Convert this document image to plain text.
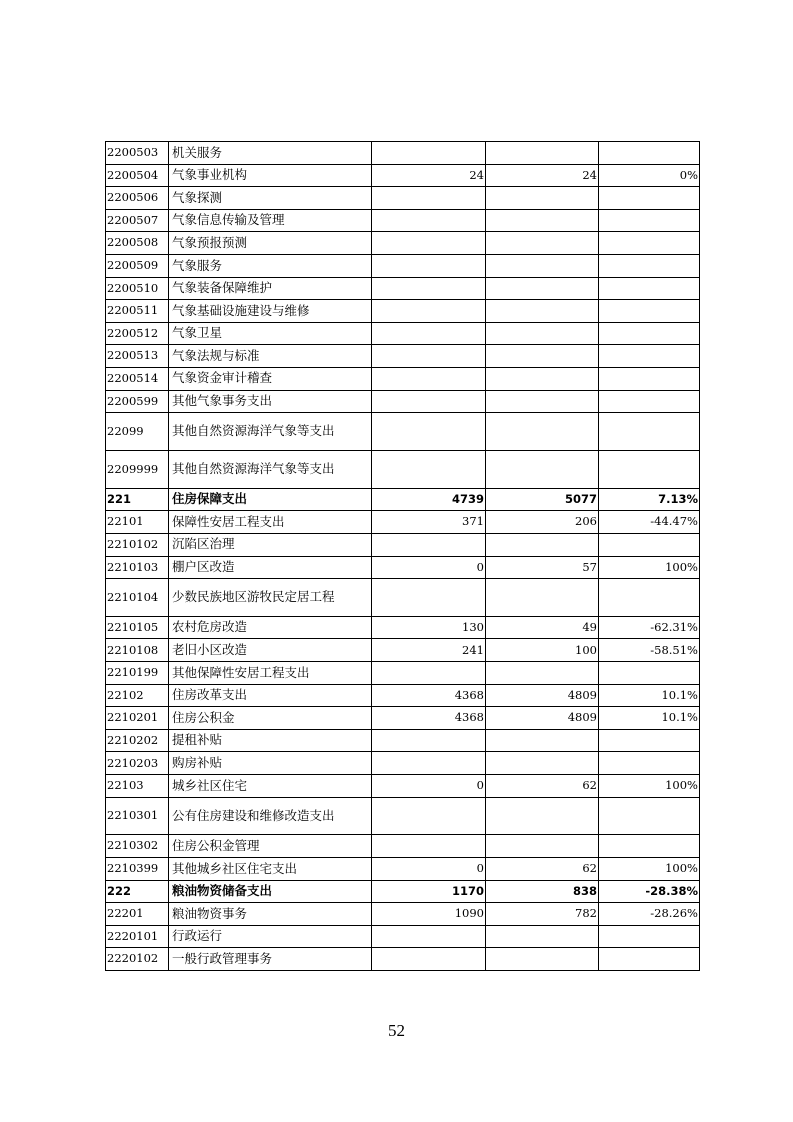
2200503	机关服务			
2200504	气象事业机构	24	24	0%
2200506	气象探测			
2200507	气象信息传输及管理			
2200508	气象预报预测			
2200509	气象服务			
2200510	气象装备保障维护			
2200511	气象基础设施建设与维修			
2200512	气象卫星			
2200513	气象法规与标准			
2200514	气象资金审计稽查			
2200599	其他气象事务支出			
22099	其他自然资源海洋气象等支出			
2209999	其他自然资源海洋气象等支出			
221	住房保障支出	4739	5077	7.13%
22101	保障性安居工程支出	371	206	-44.47%
2210102	沉陷区治理			
2210103	棚户区改造	0	57	100%
2210104	少数民族地区游牧民定居工程			
2210105	农村危房改造	130	49	-62.31%
2210108	老旧小区改造	241	100	-58.51%
2210199	其他保障性安居工程支出			
22102	住房改革支出	4368	4809	10.1%
2210201	住房公积金	4368	4809	10.1%
2210202	提租补贴			
2210203	购房补贴			
22103	城乡社区住宅	0	62	100%
2210301	公有住房建设和维修改造支出			
2210302	住房公积金管理			
2210399	其他城乡社区住宅支出	0	62	100%
222	粮油物资储备支出	1170	838	-28.38%
22201	粮油物资事务	1090	782	-28.26%
2220101	行政运行			
2220102	一般行政管理事务			
52
